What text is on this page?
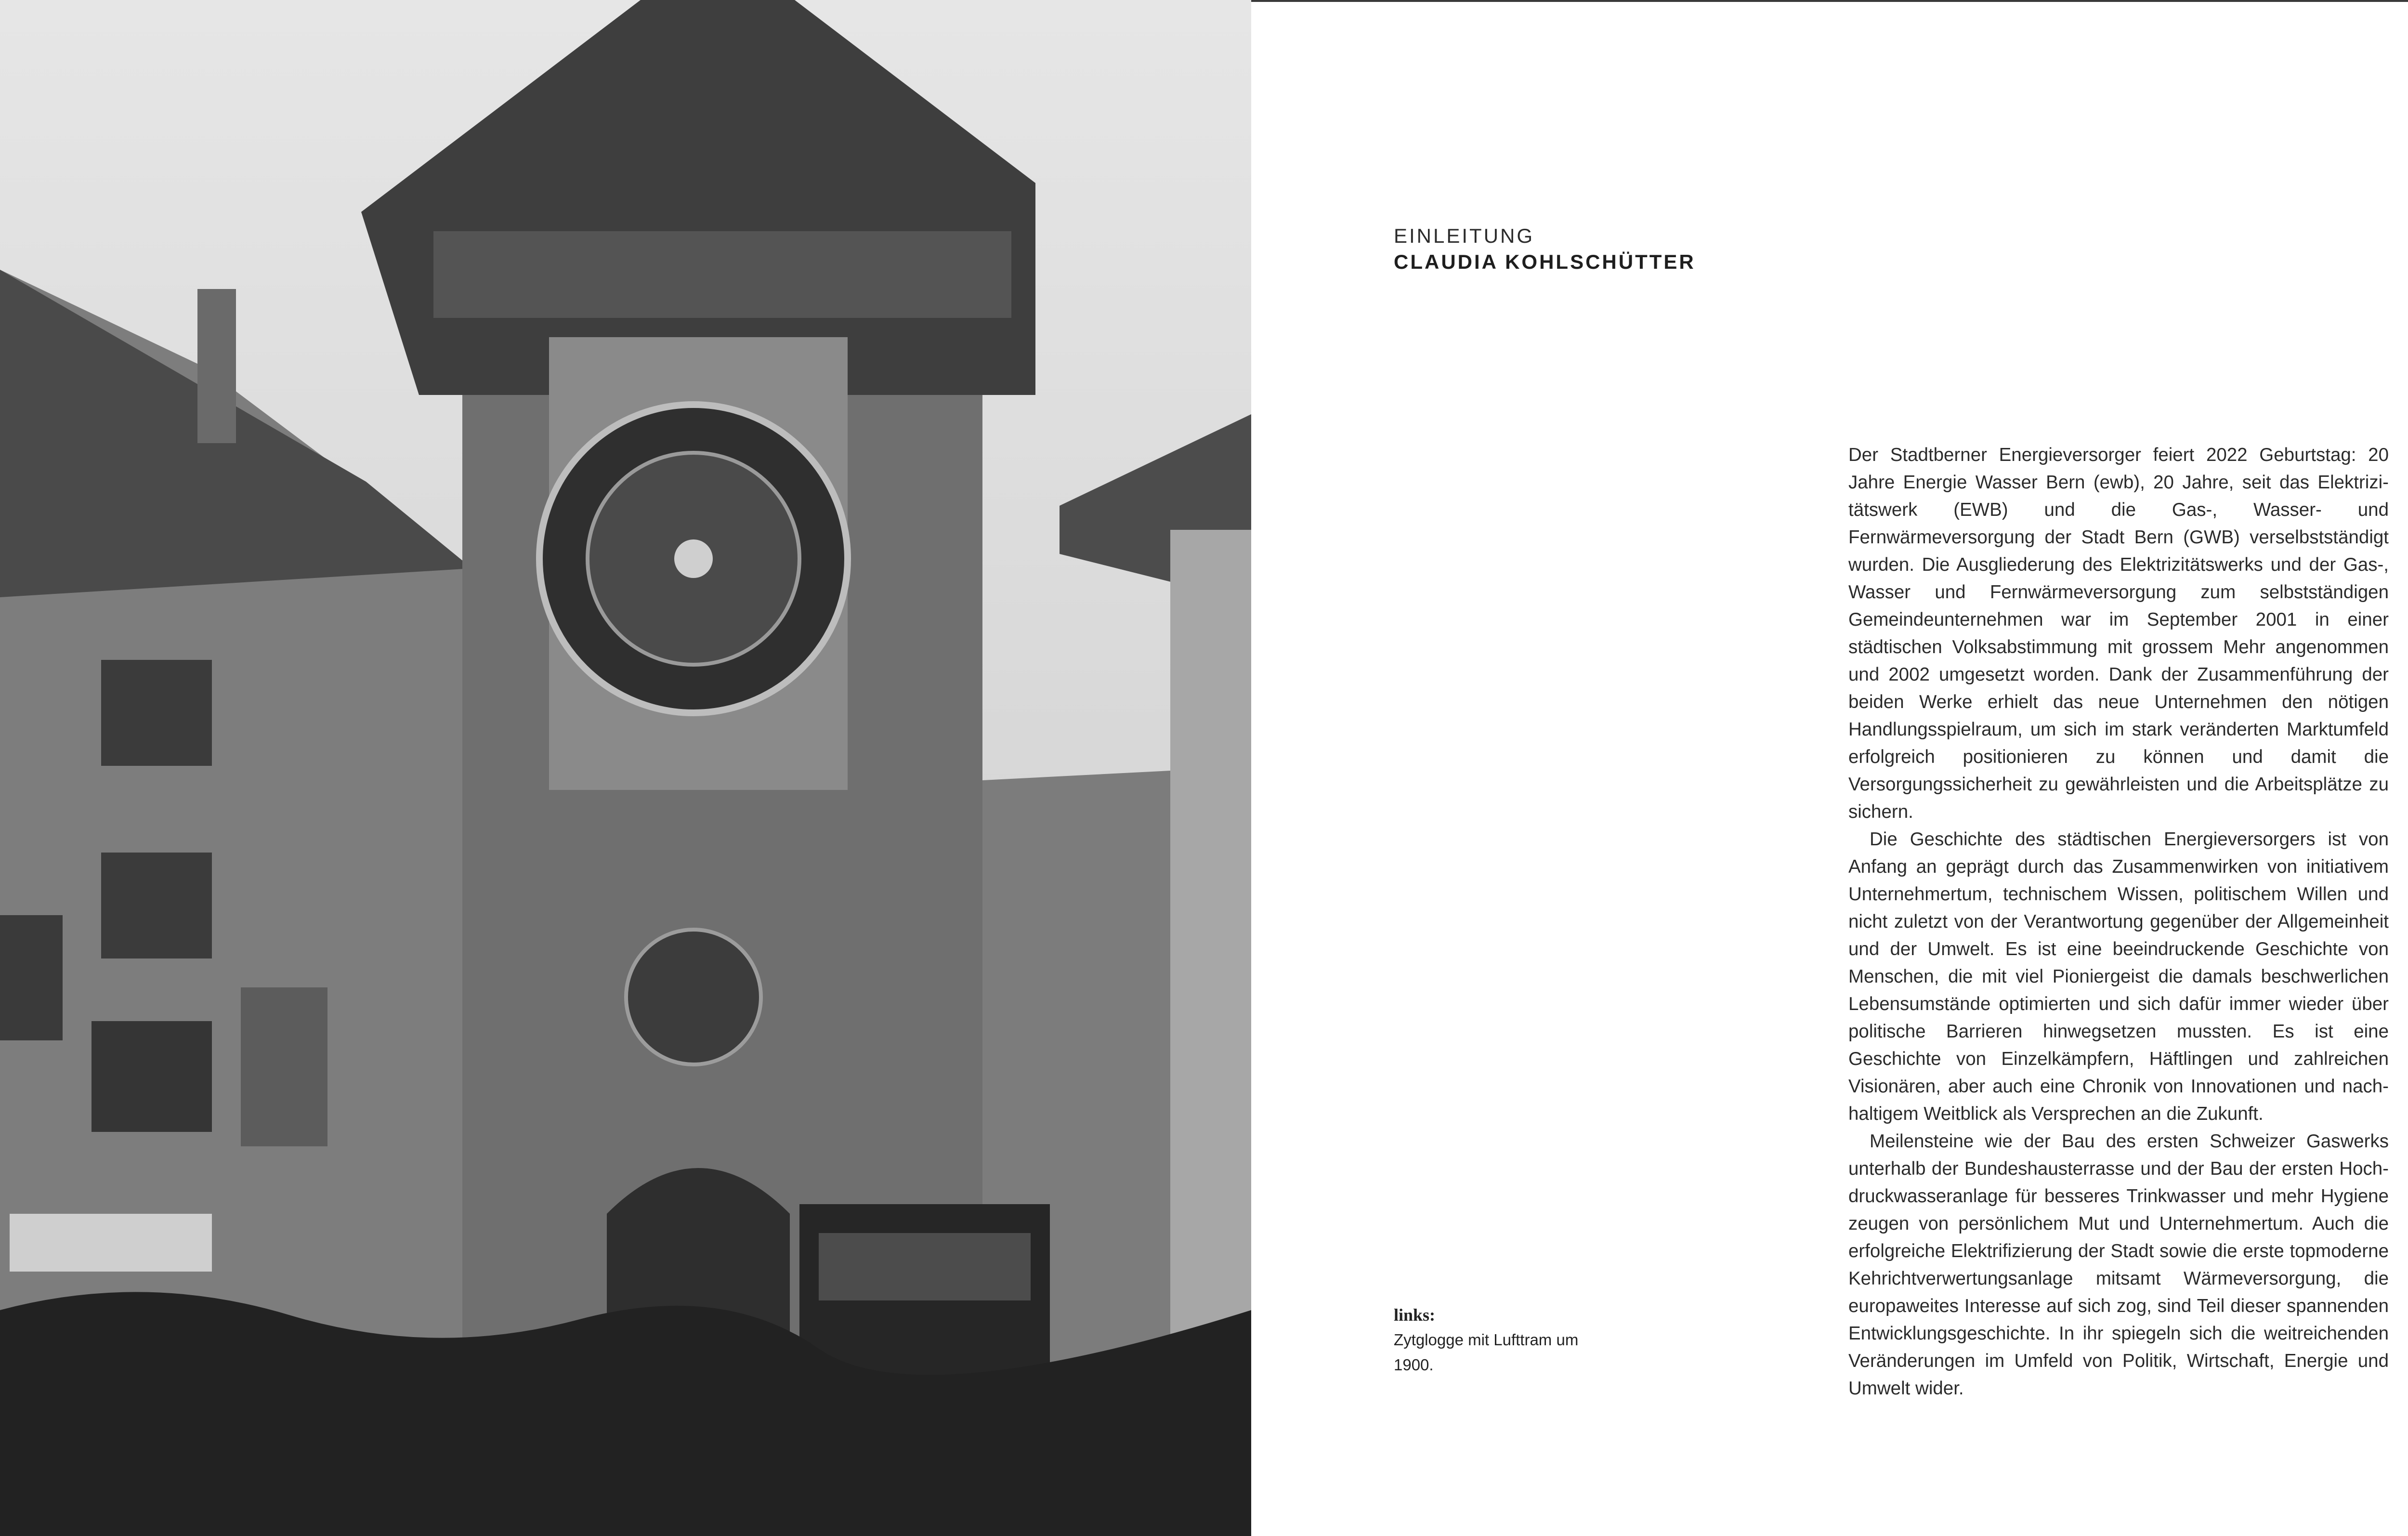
EINLEITUNG
CLAUDIA KOHLSCHÜTTER
links:
Zytglogge mit Lufttram um 1900.

Der Stadtberner Energieversorger feiert 2022 Geburtstag: 20 Jahre Energie Wasser Bern (ewb), 20 Jahre, seit das Elektrizitätswerk (EWB) und die Gas-, Wasser- und Fernwärmeversorgung der Stadt Bern (GWB) verselbstständigt wurden. Die Ausgliederung des Elektrizitätswerks und der Gas-, Wasser und Fernwärmeversorgung zum selbstständigen Gemeindeunternehmen war im September 2001 in einer städtischen Volksabstimmung mit grossem Mehr angenommen und 2002 umgesetzt worden. Dank der Zusammenführung der beiden Werke erhielt das neue Unternehmen den nötigen Handlungsspielraum, um sich im stark veränderten Marktumfeld erfolgreich positionieren zu können und damit die Versorgungssicherheit zu gewährleisten und die Arbeitsplätze zu sichern.

Die Geschichte des städtischen Energieversorgers ist von Anfang an geprägt durch das Zusammenwirken von initiativem Unternehmertum, technischem Wissen, politischem Willen und nicht zuletzt von der Verantwortung gegenüber der Allgemeinheit und der Umwelt. Es ist eine beeindruckende Geschichte von Menschen, die mit viel Pioniergeist die damals beschwerlichen Lebensumstände optimierten und sich dafür immer wieder über politische Barrieren hinwegsetzen mussten. Es ist eine Geschichte von Einzelkämpfern, Häftlingen und zahlreichen Visionären, aber auch eine Chronik von Innovationen und nachhaltigem Weitblick als Versprechen an die Zukunft.

Meilensteine wie der Bau des ersten Schweizer Gaswerks unterhalb der Bundeshausterrasse und der Bau der ersten Hochdruckwasseranlage für besseres Trinkwasser und mehr Hygiene zeugen von persönlichem Mut und Unternehmertum. Auch die erfolgreiche Elektrifizierung der Stadt sowie die erste topmoderne Kehrichtverwertungsanlage mitsamt Wärmeversorgung, die europaweites Interesse auf sich zog, sind Teil dieser spannenden Entwicklungsgeschichte. In ihr spiegeln sich die weitreichenden Veränderungen im Umfeld von Politik, Wirtschaft, Energie und Umwelt wider.
